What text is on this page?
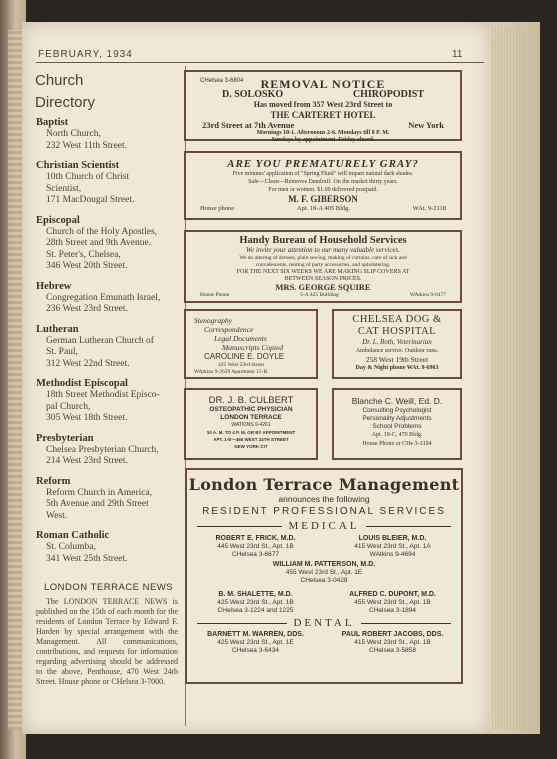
FEBRUARY, 1934	11
Church
Directory
Baptist
North Church,
232 West 11th Street.
Christian Scientist
10th Church of Christ
Scientist,
171 MacDougal Street.
Episcopal
Church of the Holy Apostles,
28th Street and 9th Avenue.
St. Peter's, Chelsea,
346 West 20th Street.
Hebrew
Congregation Emunath Israel,
236 West 23rd Street.
Lutheran
German Lutheran Church of
St. Paul,
312 West 22nd Street.
Methodist Episcopal
18th Street Methodist Episco-
pal Church,
305 West 18th Street.
Presbyterian
Chelsea Presbyterian Church,
214 West 23rd Street.
Reform
Reform Church in America,
5th Avenue and 29th Street
West.
Roman Catholic
St. Columba,
341 West 25th Street.
LONDON TERRACE NEWS
The LONDON TERRACE NEWS is published on the 15th of each month for the residents of London Terrace by Edward F. Harden by special arrangement with the Management. All communications, contributions, and requests for information regarding advertising should be addressed to the above, Penthouse, 470 West 24th Street. House phone or CHelsea 3-7000.
CHelsea 3-6804 REMOVAL NOTICE
D. SOLOSKO	CHIROPODIST
Has moved from 357 West 23rd Street to
THE CARTERET HOTEL
23rd Street at 7th Avenue	New York
Mornings 10-1. Afternoons 2-6. Mondays till 8 P. M.
Sundays by appointment. Friday closed.
ARE YOU PREMATURELY GRAY?
Five minutes' application of "Spring Fluid" will impart natural dark shades.
Safe—Clean—Removes Dandruff. On the market thirty years.
For men or women. $1.00 delivered postpaid.
M. F. GIBERSON
House phone	Apt. 18-A 405 Bldg.	WAt. 9-2118
Handy Bureau of Household Services
We invite your attention to our many valuable services.
We do altering of dresses, plain sewing, making of curtains, care of sick and
convalescents, renting of party accessories, and upholstering.
FOR THE NEXT SIX WEEKS WE ARE MAKING SLIP COVERS AT
BETWEEN SEASON PRICES.
MRS. GEORGE SQUIRE
House Phone	5-A 425 Building	WAtkins 9-0477
Stenography
Correspondence
Legal Documents
Manuscripts Copied
CAROLINE E. DOYLE
425 West 23rd Street
WAtkins 9-2629 Apartment 15-B
CHELSEA DOG &
CAT HOSPITAL
Dr. L. Roth, Veterinarian
Ambulance service. Outdoor runs.
258 West 19th Street
Day & Night phone WAt. 9-6963
DR. J. B. CULBERT
OSTEOPATHIC PHYSICIAN
LONDON TERRACE
WATKINS 9-4261
10 A. M. TO 4 P. M. OR BY APPOINTMENT
APT. 1-E—460 WEST 24TH STREET
NEW YORK CIT
Blanche C. Weill, Ed. D.
Consulting Psychologist
Personality Adjustments
School Problems
Apt. 19-C, 470 Bldg.
House Phone or CHe 3-3194
London Terrace Management
announces the following
RESIDENT PROFESSIONAL SERVICES
MEDICAL
ROBERT E. FRICK, M.D.
445 West 23rd St., Apt. 1B
CHelsea 3-6677
LOUIS BLEIER, M.D.
415 West 23rd St., Apt. 1A
WAtkins 9-4694
WILLIAM M. PATTERSON, M.D.
455 West 23rd St., Apt. 1E
CHelsea 3-0428
B. M. SHALETTE, M.D.
425 West 23rd St., Apt. 1B
CHelsea 3-1224 and 1225
ALFRED C. DUPONT, M.D.
455 West 23rd St., Apt. 1B
CHelsea 3-1894
DENTAL
BARNETT M. WARREN, DDS.
425 West 23rd St., Apt. 1E
CHelsea 3-6434
PAUL ROBERT JACOBS, DDS.
415 West 23rd St., Apt. 1B
CHelsea 3-5858
